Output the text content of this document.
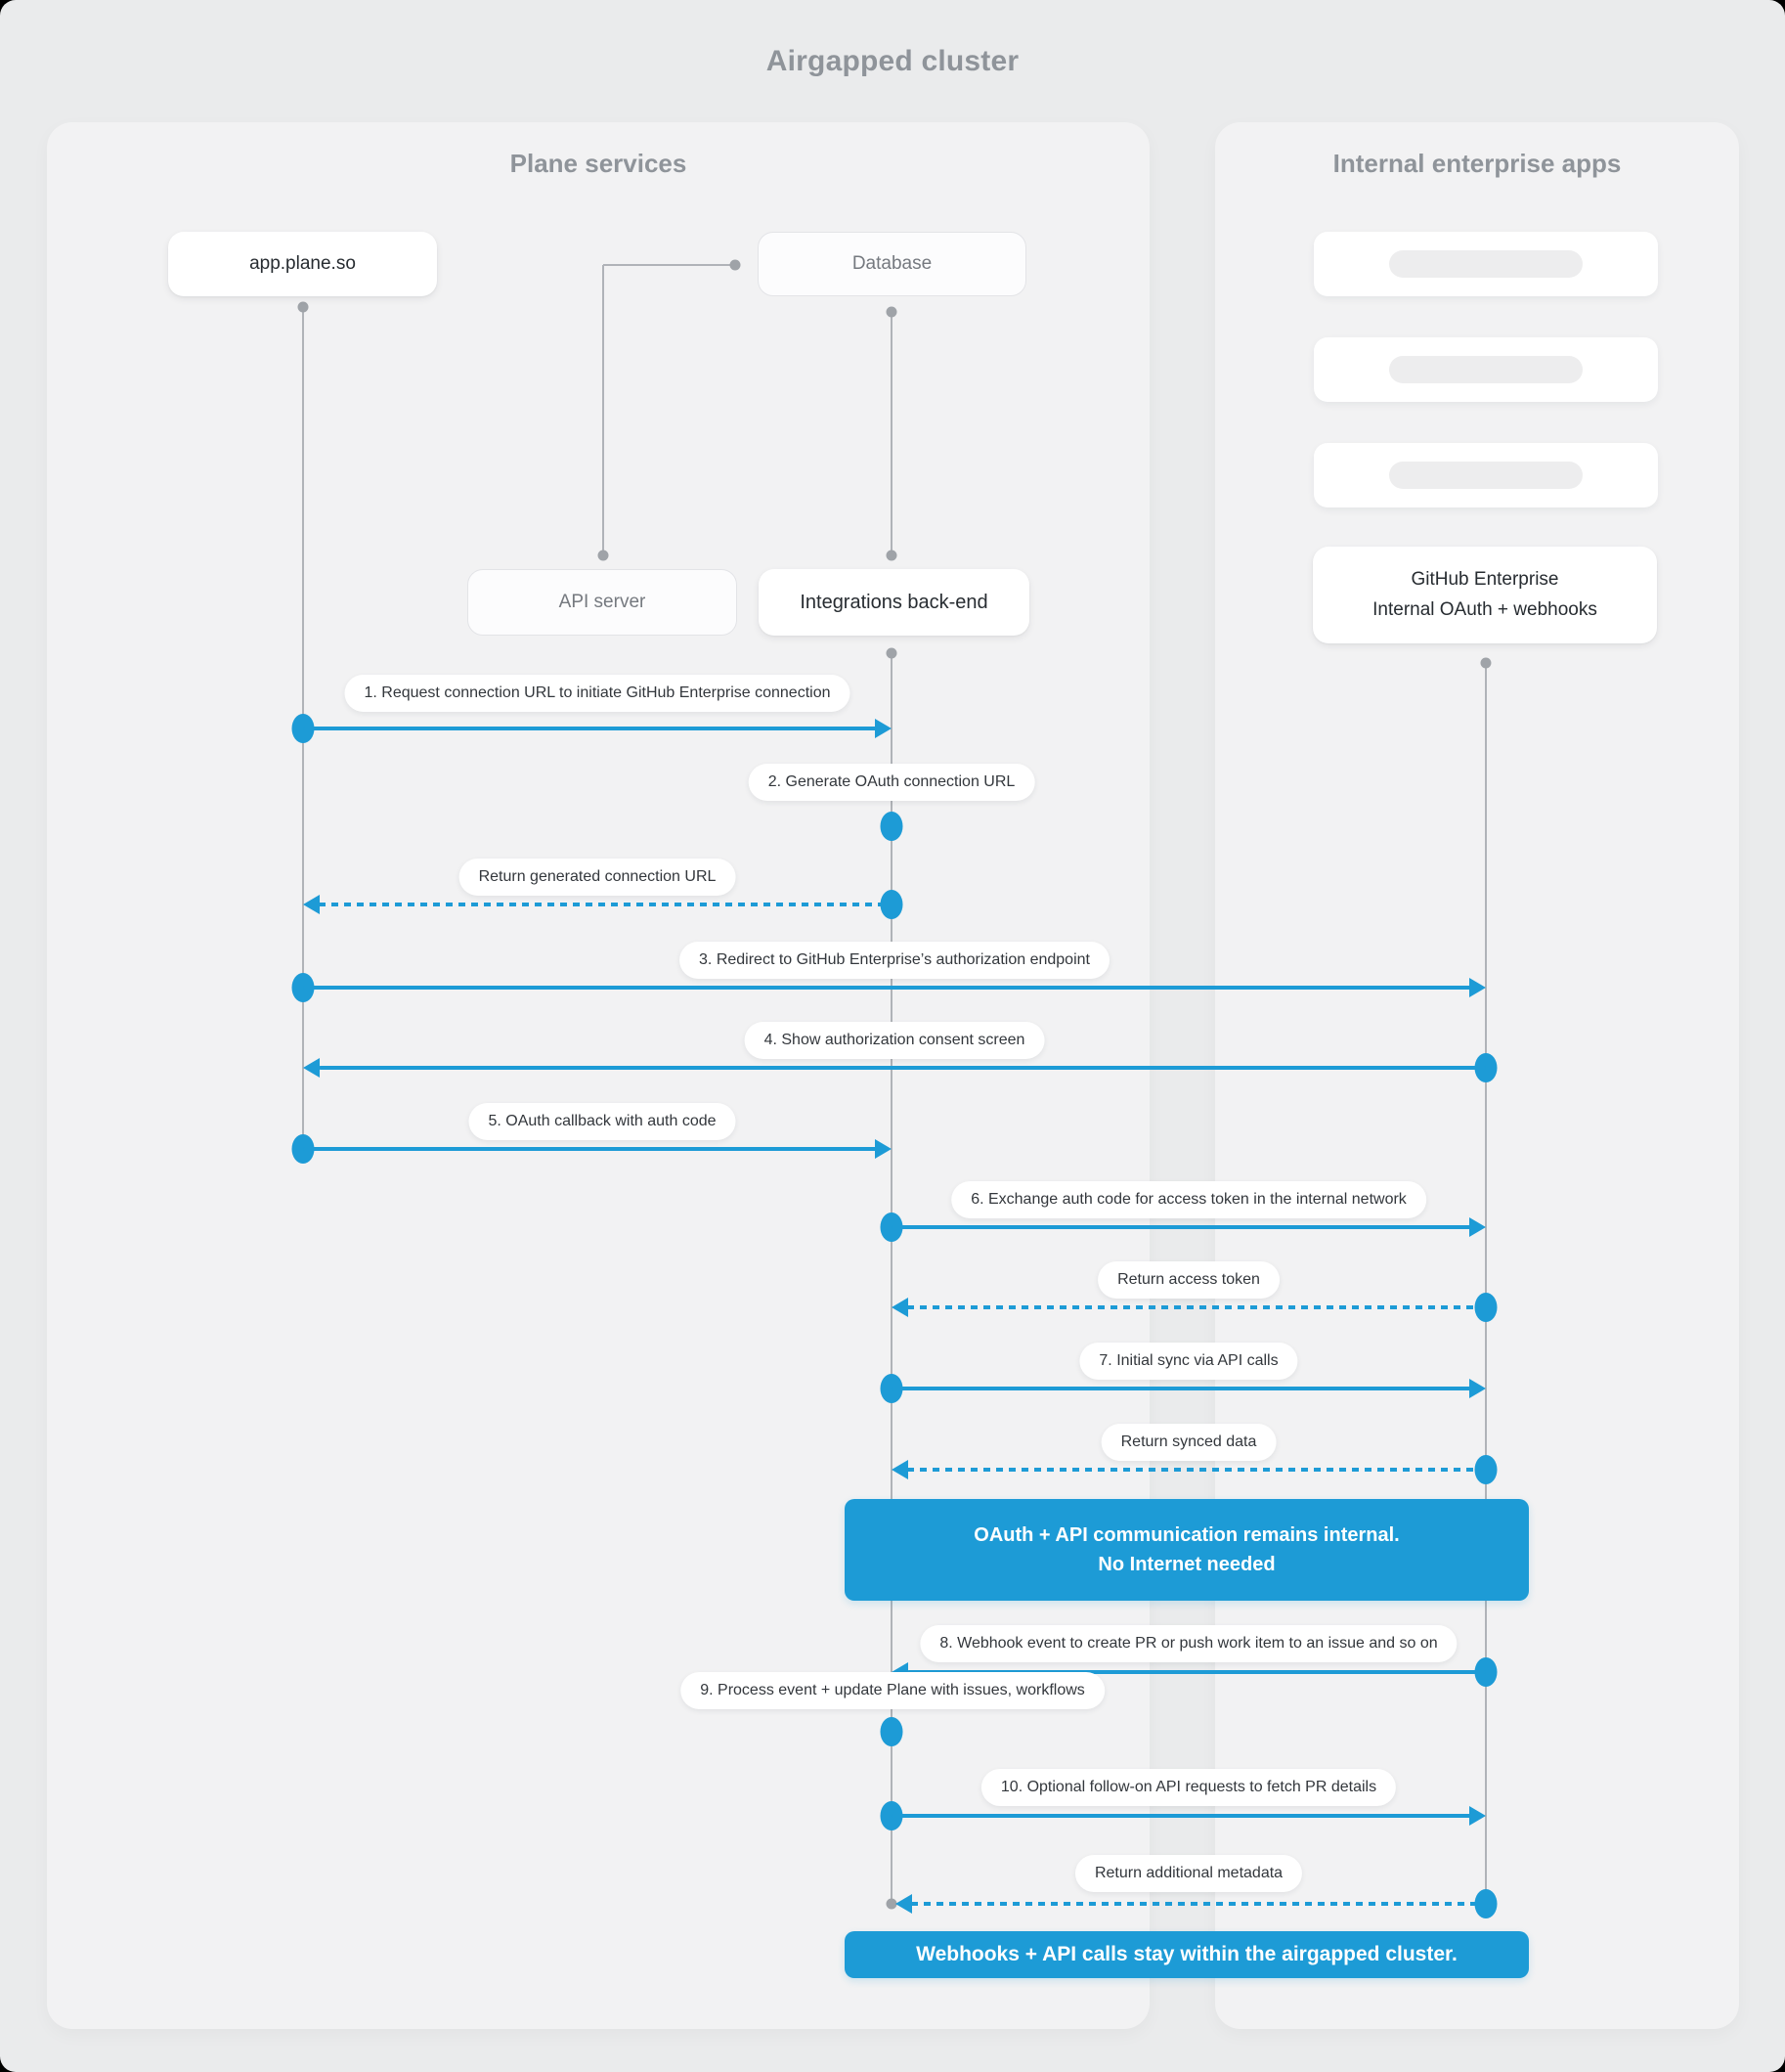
Airgapped cluster
Plane services	Internal enterprise apps
app.plane.so	Database
API server	Integrations back-end
GitHub Enterprise
Internal OAuth + webhooks
1. Request connection URL to initiate GitHub Enterprise connection
2. Generate OAuth connection URL
Return generated connection URL
3. Redirect to GitHub Enterprise’s authorization endpoint
4. Show authorization consent screen
5. OAuth callback with auth code
6. Exchange auth code for access token in the internal network
Return access token
7. Initial sync via API calls
Return synced data
OAuth + API communication remains internal.
No Internet needed
8. Webhook event to create PR or push work item to an issue and so on
9. Process event + update Plane with issues, workflows
10. Optional follow-on API requests to fetch PR details
Return additional metadata
Webhooks + API calls stay within the airgapped cluster.
